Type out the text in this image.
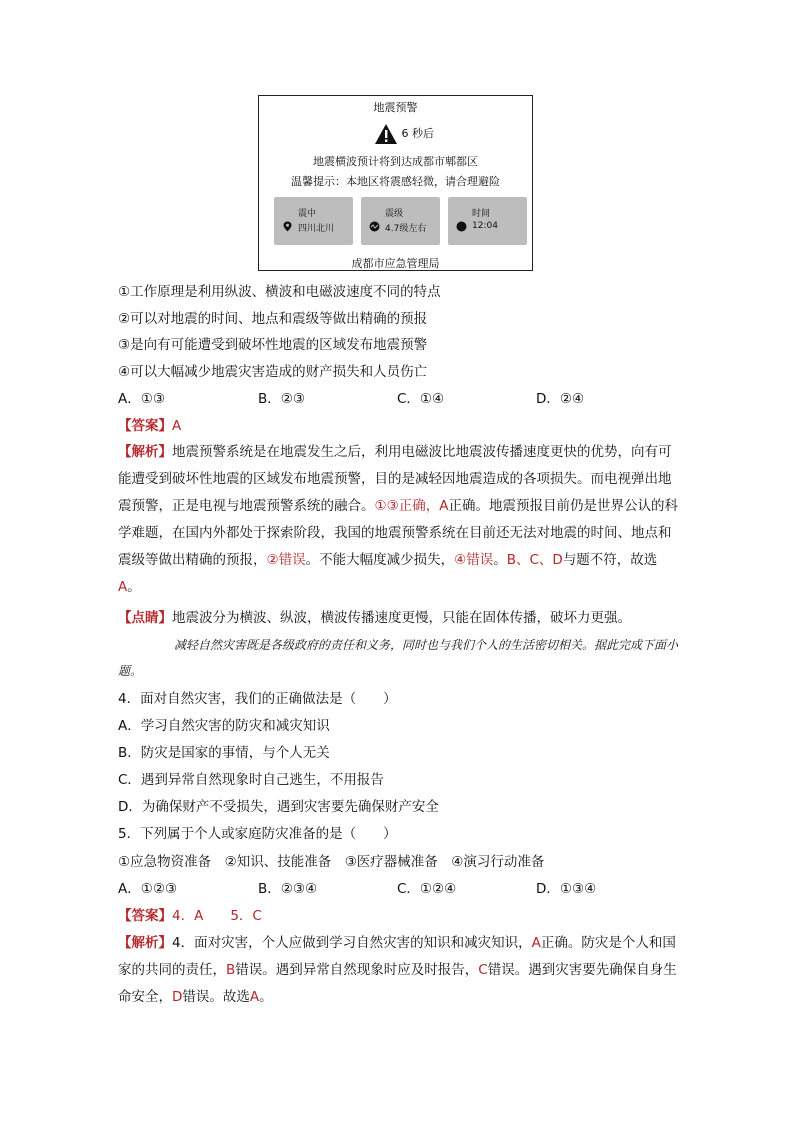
地震预警
6 秒后
地震横波预计将到达成都市郫都区
温馨提示：本地区将震感轻微，请合理避险
震中
四川北川
震级
4.7级左右
时间
12:04
成都市应急管理局
①工作原理是利用纵波、横波和电磁波速度不同的特点
②可以对地震的时间、地点和震级等做出精确的预报
③是向有可能遭受到破坏性地震的区域发布地震预警
④可以大幅减少地震灾害造成的财产损失和人员伤亡
A．①③	B．②③	C．①④	D．②④
【答案】A
【解析】地震预警系统是在地震发生之后，利用电磁波比地震波传播速度更快的优势，向有可能遭受到破坏性地震的区域发布地震预警，目的是减轻因地震造成的各项损失。而电视弹出地震预警，正是电视与地震预警系统的融合。①③正确，A正确。地震预报目前仍是世界公认的科学难题，在国内外都处于探索阶段，我国的地震预警系统在目前还无法对地震的时间、地点和震级等做出精确的预报，②错误。不能大幅度减少损失，④错误。B、C、D与题不符，故选A。
【点睛】地震波分为横波、纵波，横波传播速度更慢，只能在固体传播，破坏力更强。
减轻自然灾害既是各级政府的责任和义务，同时也与我们个人的生活密切相关。据此完成下面小题。
4．面对自然灾害，我们的正确做法是（　　）
A．学习自然灾害的防灾和减灾知识
B．防灾是国家的事情，与个人无关
C．遇到异常自然现象时自己逃生，不用报告
D．为确保财产不受损失，遇到灾害要先确保财产安全
5．下列属于个人或家庭防灾准备的是（　　）
①应急物资准备　②知识、技能准备　③医疗器械准备　④演习行动准备
A．①②③	B．②③④	C．①②④	D．①③④
【答案】4．A　　5．C
【解析】4．面对灾害，个人应做到学习自然灾害的知识和减灾知识，A正确。防灾是个人和国家的共同的责任，B错误。遇到异常自然现象时应及时报告，C错误。遇到灾害要先确保自身生命安全，D错误。故选A。
